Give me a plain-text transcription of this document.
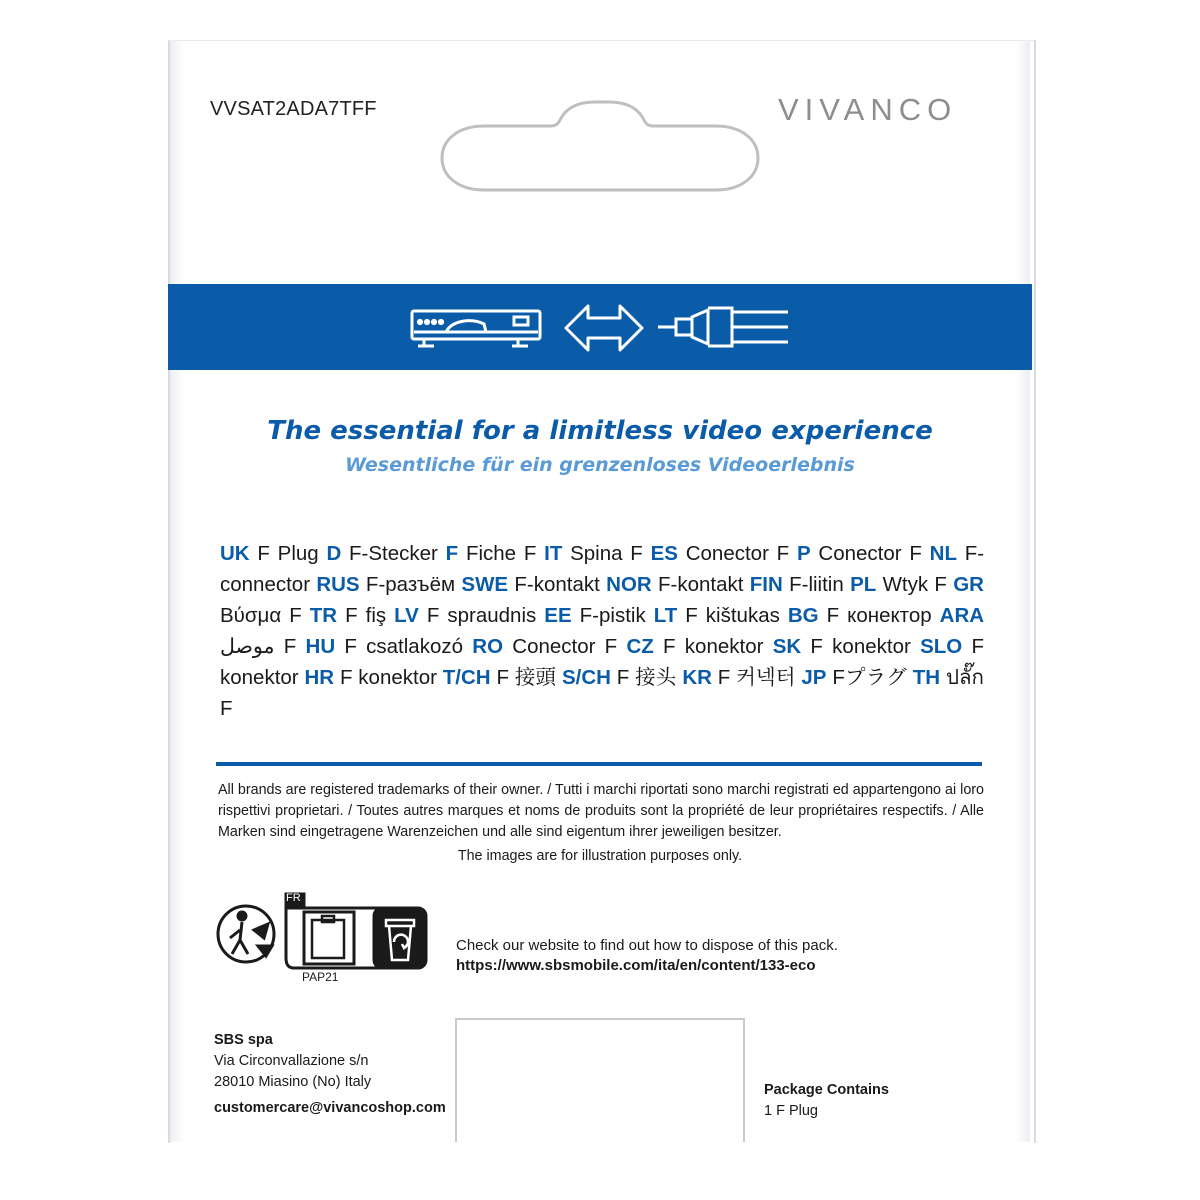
VVSAT2ADA7TFF	VIVANCO
The essential for a limitless video experience
Wesentliche für ein grenzenloses Videoerlebnis
UK F Plug D F-Stecker F Fiche F IT Spina F ES Conector F P Conector F NL F-connector RUS F-разъём SWE F-kontakt NOR F-kontakt FIN F-liitin PL Wtyk F GR Βύσμα F TR F fiş LV F spraudnis EE F-pistik LT F kištukas BG F конектор ARA موصل F HU F csatlakozó RO Conector F CZ F konektor SK F konektor SLO F konektor HR F konektor T/CH F 接頭 S/CH F 接头 KR F 커넥터 JP Fプラグ TH ปลั๊ก F
All brands are registered trademarks of their owner. / Tutti i marchi riportati sono marchi registrati ed appartengono ai loro rispettivi proprietari. / Toutes autres marques et noms de produits sont la propriété de leur propriétaires respectifs. / Alle Marken sind eingetragene Warenzeichen und alle sind eigentum ihrer jeweiligen besitzer.
The images are for illustration purposes only.
FR
PAP21
Check our website to find out how to dispose of this pack.
https://www.sbsmobile.com/ita/en/content/133-eco
SBS spa
Via Circonvallazione s/n
28010 Miasino (No) Italy
customercare@vivancoshop.com
Package Contains
1 F Plug
